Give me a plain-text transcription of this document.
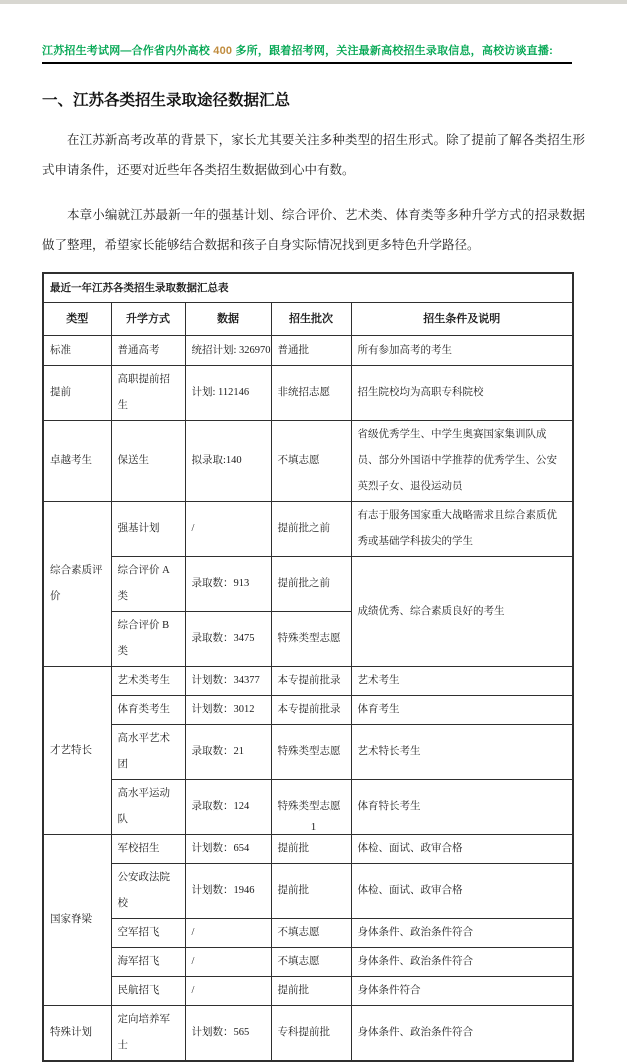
江苏招生考试网—合作省内外高校 400 多所，跟着招考网，关注最新高校招生录取信息，高校访谈直播:
一、江苏各类招生录取途径数据汇总
在江苏新高考改革的背景下，家长尤其要关注多种类型的招生形式。除了提前了解各类招生形式申请条件，还要对近些年各类招生数据做到心中有数。
本章小编就江苏最新一年的强基计划、综合评价、艺术类、体育类等多种升学方式的招录数据做了整理，希望家长能够结合数据和孩子自身实际情况找到更多特色升学路径。
最近一年江苏各类招生录取数据汇总表				
类型	升学方式	数据	招生批次	招生条件及说明
标准	普通高考	统招计划: 326970	普通批	所有参加高考的考生
提前	高职提前招生	计划: 112146	非统招志愿	招生院校均为高职专科院校
卓越考生	保送生	拟录取:140	不填志愿	省级优秀学生、中学生奥赛国家集训队成员、部分外国语中学推荐的优秀学生、公安英烈子女、退役运动员
综合素质评价	强基计划	/	提前批之前	有志于服务国家重大战略需求且综合素质优秀或基础学科拔尖的学生
	综合评价 A 类	录取数：913	提前批之前	成绩优秀、综合素质良好的考生
	综合评价 B 类	录取数：3475	特殊类型志愿	
才艺特长	艺术类考生	计划数：34377	本专提前批录	艺术考生
	体育类考生	计划数：3012	本专提前批录	体育考生
	高水平艺术团	录取数：21	特殊类型志愿	艺术特长考生
	高水平运动队	录取数：124	特殊类型志愿	体育特长考生
国家脊梁	军校招生	计划数：654	提前批	体检、面试、政审合格
	公安政法院校	计划数：1946	提前批	体检、面试、政审合格
	空军招飞	/	不填志愿	身体条件、政治条件符合
	海军招飞	/	不填志愿	身体条件、政治条件符合
	民航招飞	/	提前批	身体条件符合
特殊计划	定向培养军士	计划数：565	专科提前批	身体条件、政治条件符合
1
